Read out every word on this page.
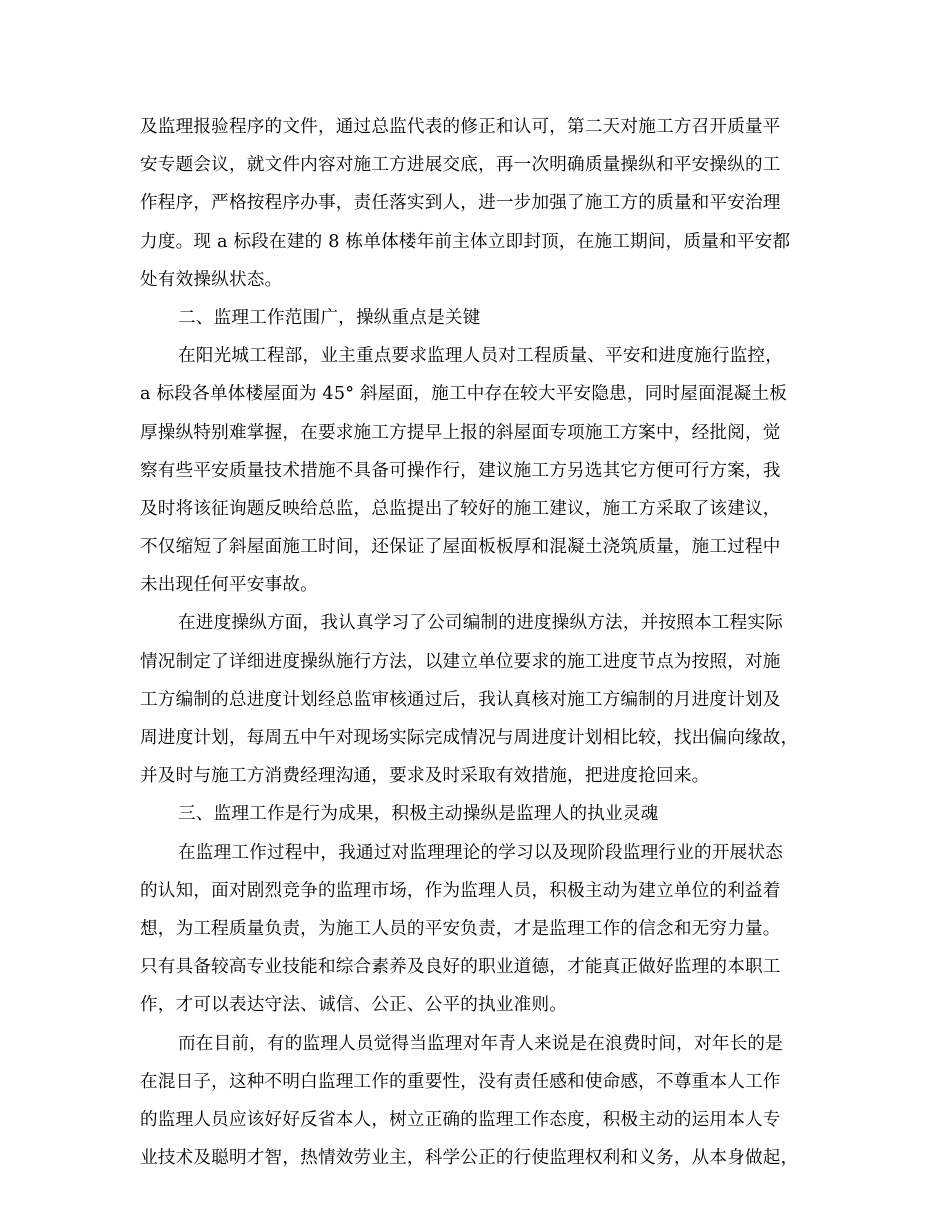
及监理报验程序的文件，通过总监代表的修正和认可，第二天对施工方召开质量平
安专题会议，就文件内容对施工方进展交底，再一次明确质量操纵和平安操纵的工
作程序，严格按程序办事，责任落实到人，进一步加强了施工方的质量和平安治理
力度。现 a 标段在建的 8 栋单体楼年前主体立即封顶，在施工期间，质量和平安都
处有效操纵状态。
二、监理工作范围广，操纵重点是关键
在阳光城工程部，业主重点要求监理人员对工程质量、平安和进度施行监控，
a 标段各单体楼屋面为 45° 斜屋面，施工中存在较大平安隐患，同时屋面混凝土板
厚操纵特别难掌握，在要求施工方提早上报的斜屋面专项施工方案中，经批阅，觉
察有些平安质量技术措施不具备可操作行，建议施工方另选其它方便可行方案，我
及时将该征询题反映给总监，总监提出了较好的施工建议，施工方采取了该建议，
不仅缩短了斜屋面施工时间，还保证了屋面板板厚和混凝土浇筑质量，施工过程中
未出现任何平安事故。
在进度操纵方面，我认真学习了公司编制的进度操纵方法，并按照本工程实际
情况制定了详细进度操纵施行方法，以建立单位要求的施工进度节点为按照，对施
工方编制的总进度计划经总监审核通过后，我认真核对施工方编制的月进度计划及
周进度计划，每周五中午对现场实际完成情况与周进度计划相比较，找出偏向缘故，
并及时与施工方消费经理沟通，要求及时采取有效措施，把进度抢回来。
三、监理工作是行为成果，积极主动操纵是监理人的执业灵魂
在监理工作过程中，我通过对监理理论的学习以及现阶段监理行业的开展状态
的认知，面对剧烈竞争的监理市场，作为监理人员，积极主动为建立单位的利益着
想，为工程质量负责，为施工人员的平安负责，才是监理工作的信念和无穷力量。
只有具备较高专业技能和综合素养及良好的职业道德，才能真正做好监理的本职工
作，才可以表达守法、诚信、公正、公平的执业准则。
而在目前，有的监理人员觉得当监理对年青人来说是在浪费时间，对年长的是
在混日子，这种不明白监理工作的重要性，没有责任感和使命感，不尊重本人工作
的监理人员应该好好反省本人，树立正确的监理工作态度，积极主动的运用本人专
业技术及聪明才智，热情效劳业主，科学公正的行使监理权利和义务，从本身做起，
